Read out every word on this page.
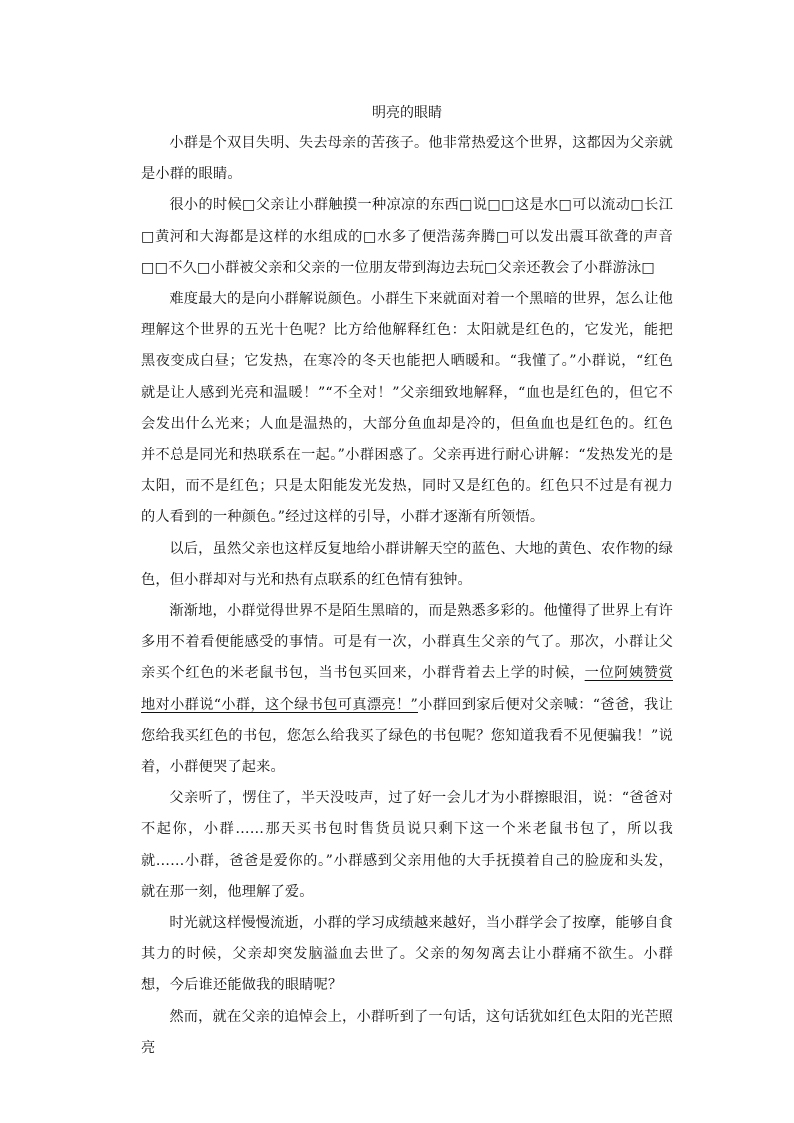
明亮的眼睛

小群是个双目失明、失去母亲的苦孩子。他非常热爱这个世界，这都因为父亲就是小群的眼睛。

很小的时候□父亲让小群触摸一种凉凉的东西□说□□这是水□可以流动□长江□黄河和大海都是这样的水组成的□水多了便浩荡奔腾□可以发出震耳欲聋的声音□□不久□小群被父亲和父亲的一位朋友带到海边去玩□父亲还教会了小群游泳□

难度最大的是向小群解说颜色。小群生下来就面对着一个黑暗的世界，怎么让他理解这个世界的五光十色呢？比方给他解释红色：太阳就是红色的，它发光，能把黑夜变成白昼；它发热，在寒冷的冬天也能把人晒暖和。“我懂了。”小群说，“红色就是让人感到光亮和温暖！”“不全对！”父亲细致地解释，“血也是红色的，但它不会发出什么光来；人血是温热的，大部分鱼血却是冷的，但鱼血也是红色的。红色并不总是同光和热联系在一起。”小群困惑了。父亲再进行耐心讲解：“发热发光的是太阳，而不是红色；只是太阳能发光发热，同时又是红色的。红色只不过是有视力的人看到的一种颜色。”经过这样的引导，小群才逐渐有所领悟。

以后，虽然父亲也这样反复地给小群讲解天空的蓝色、大地的黄色、农作物的绿色，但小群却对与光和热有点联系的红色情有独钟。

渐渐地，小群觉得世界不是陌生黑暗的，而是熟悉多彩的。他懂得了世界上有许多用不着看便能感受的事情。可是有一次，小群真生父亲的气了。那次，小群让父亲买个红色的米老鼠书包，当书包买回来，小群背着去上学的时候，一位阿姨赞赏地对小群说“小群，这个绿书包可真漂亮！”小群回到家后便对父亲喊：“爸爸，我让您给我买红色的书包，您怎么给我买了绿色的书包呢？您知道我看不见便骗我！”说着，小群便哭了起来。

父亲听了，愣住了，半天没吱声，过了好一会儿才为小群擦眼泪，说：“爸爸对不起你，小群……那天买书包时售货员说只剩下这一个米老鼠书包了，所以我就……小群，爸爸是爱你的。”小群感到父亲用他的大手抚摸着自己的脸庞和头发，就在那一刻，他理解了爱。

时光就这样慢慢流逝，小群的学习成绩越来越好，当小群学会了按摩，能够自食其力的时候，父亲却突发脑溢血去世了。父亲的匆匆离去让小群痛不欲生。小群想，今后谁还能做我的眼睛呢？

然而，就在父亲的追悼会上，小群听到了一句话，这句话犹如红色太阳的光芒照亮
